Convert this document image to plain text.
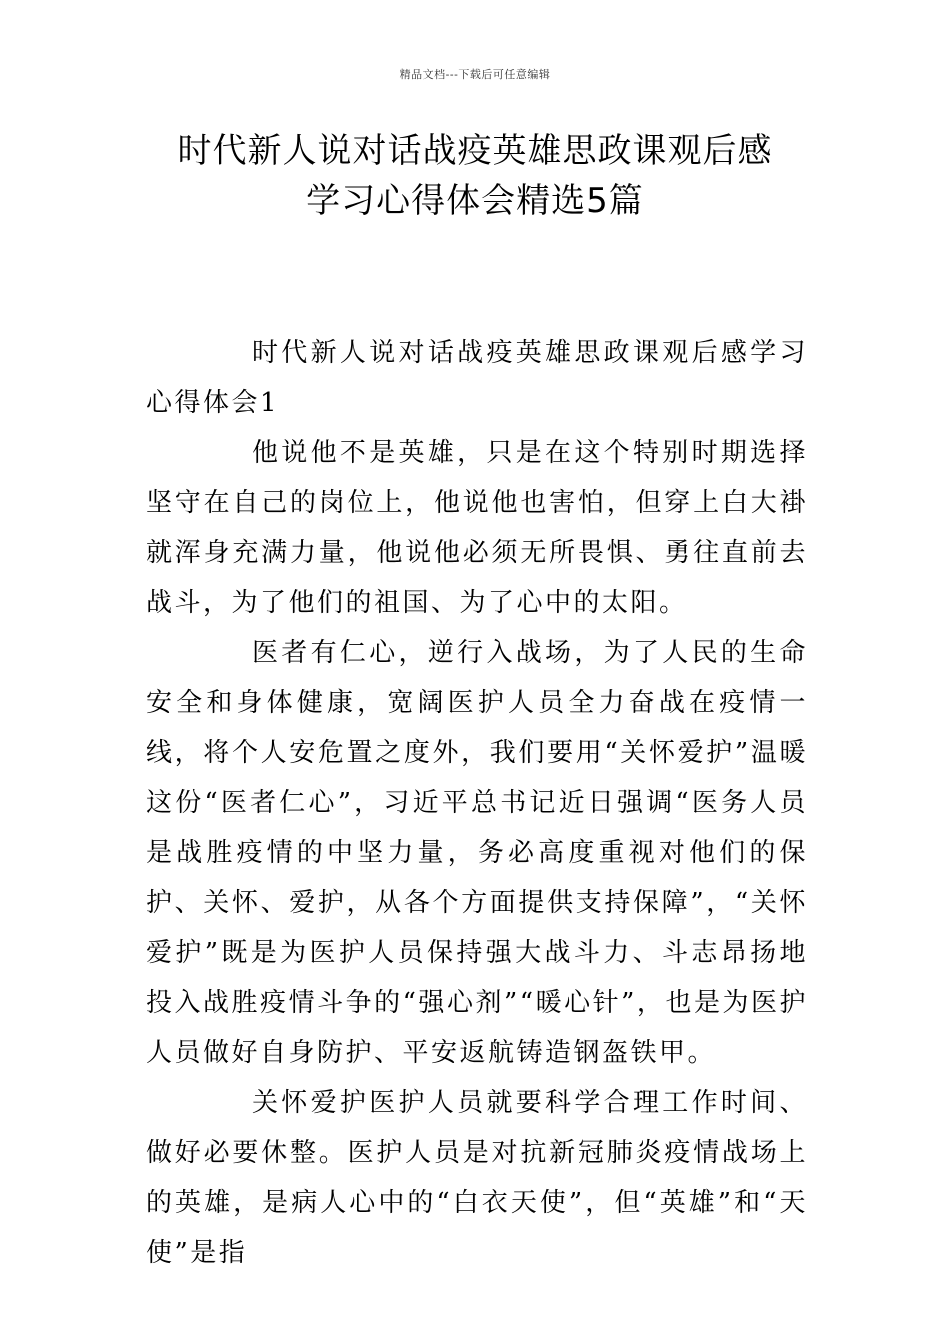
精品文档---下载后可任意编辑
时代新人说对话战疫英雄思政课观后感
学习心得体会精选5篇

时代新人说对话战疫英雄思政课观后感学习心得体会1

他说他不是英雄，只是在这个特别时期选择坚守在自己的岗位上，他说他也害怕，但穿上白大褂就浑身充满力量，他说他必须无所畏惧、勇往直前去战斗，为了他们的祖国、为了心中的太阳。

医者有仁心，逆行入战场，为了人民的生命安全和身体健康，宽阔医护人员全力奋战在疫情一线，将个人安危置之度外，我们要用“关怀爱护”温暖这份“医者仁心”，习近平总书记近日强调“医务人员是战胜疫情的中坚力量，务必高度重视对他们的保护、关怀、爱护，从各个方面提供支持保障”，“关怀爱护”既是为医护人员保持强大战斗力、斗志昂扬地投入战胜疫情斗争的“强心剂”“暖心针”，也是为医护人员做好自身防护、平安返航铸造钢盔铁甲。

关怀爱护医护人员就要科学合理工作时间、做好必要休整。医护人员是对抗新冠肺炎疫情战场上的英雄，是病人心中的“白衣天使”，但“英雄”和“天使”是指
